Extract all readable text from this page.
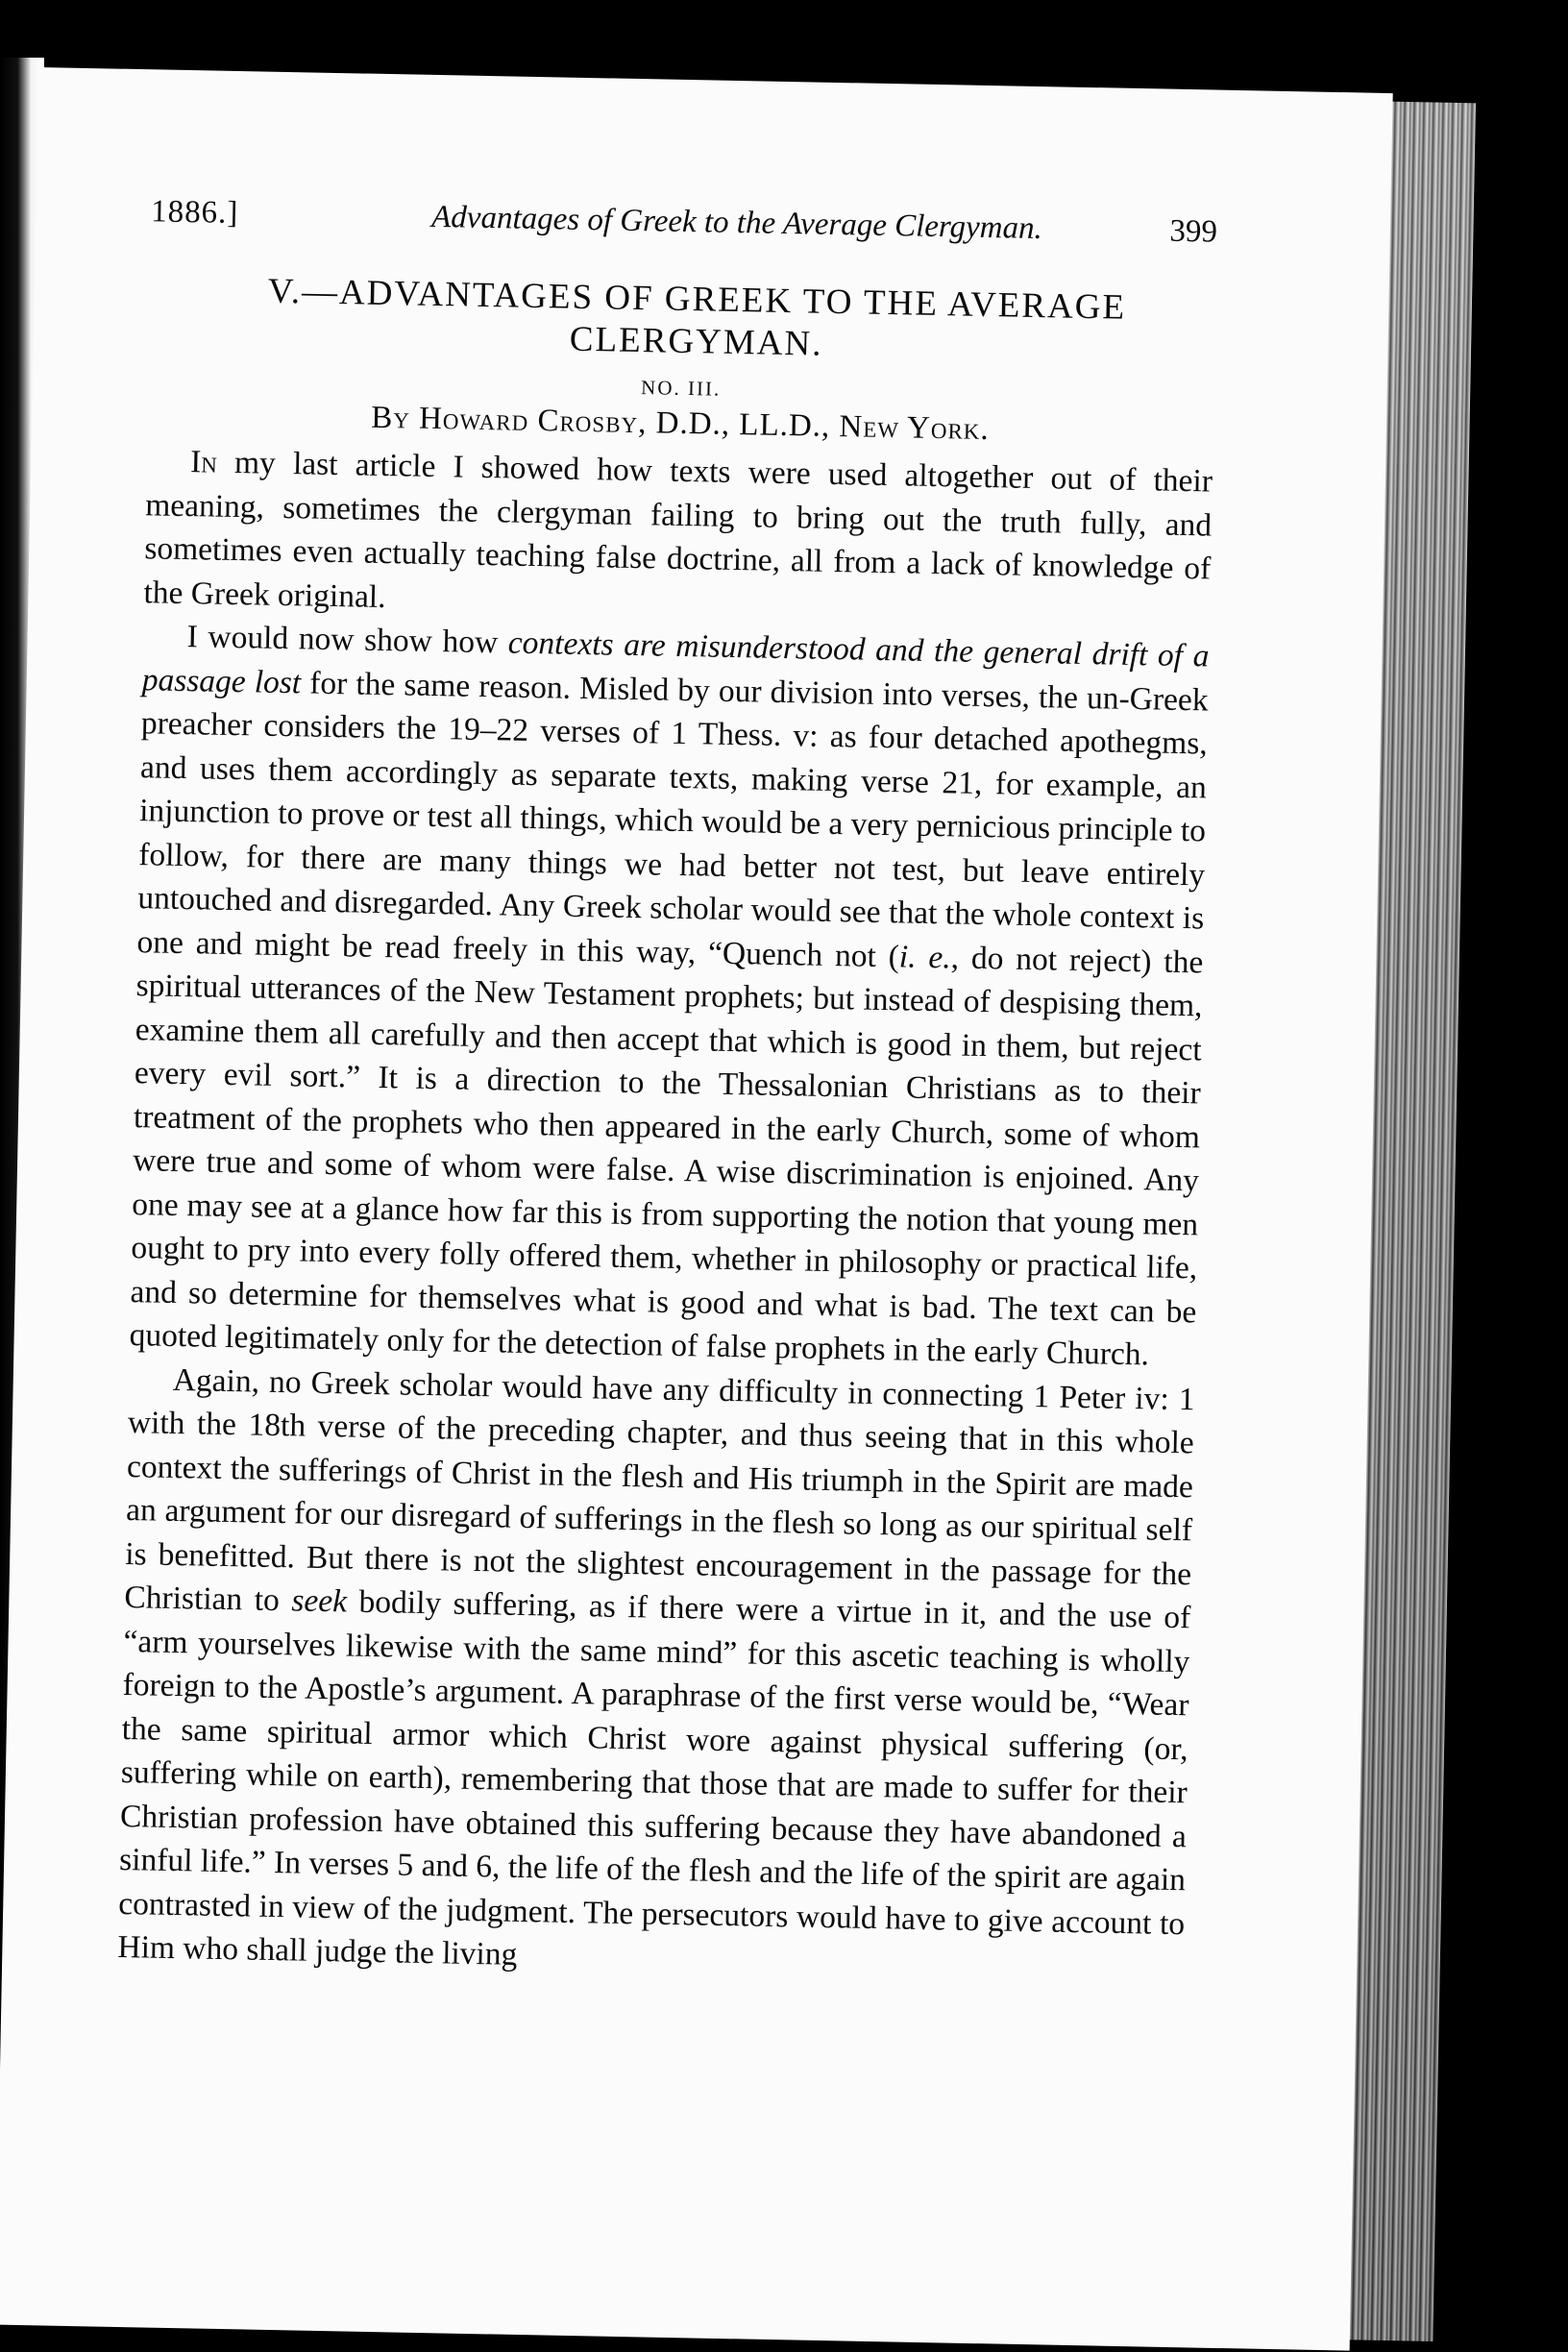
1886.]	Advantages of Greek to the Average Clergyman.	399
V.—ADVANTAGES OF GREEK TO THE AVERAGE CLERGYMAN.
NO. III.
By Howard Crosby, D.D., LL.D., New York.

In my last article I showed how texts were used altogether out of their meaning, sometimes the clergyman failing to bring out the truth fully, and sometimes even actually teaching false doctrine, all from a lack of knowledge of the Greek original.

I would now show how contexts are misunderstood and the general drift of a passage lost for the same reason. Misled by our division into verses, the un-Greek preacher considers the 19–22 verses of 1 Thess. v: as four detached apothegms, and uses them accordingly as separate texts, making verse 21, for example, an injunction to prove or test all things, which would be a very pernicious principle to follow, for there are many things we had better not test, but leave entirely untouched and disregarded. Any Greek scholar would see that the whole context is one and might be read freely in this way, “Quench not (i. e., do not reject) the spiritual utterances of the New Testament prophets; but instead of despising them, examine them all carefully and then accept that which is good in them, but reject every evil sort.” It is a direction to the Thessalonian Christians as to their treatment of the prophets who then appeared in the early Church, some of whom were true and some of whom were false. A wise discrimination is enjoined. Any one may see at a glance how far this is from supporting the notion that young men ought to pry into every folly offered them, whether in philosophy or practical life, and so determine for themselves what is good and what is bad. The text can be quoted legitimately only for the detection of false prophets in the early Church.

Again, no Greek scholar would have any difficulty in connecting 1 Peter iv: 1 with the 18th verse of the preceding chapter, and thus seeing that in this whole context the sufferings of Christ in the flesh and His triumph in the Spirit are made an argument for our disregard of sufferings in the flesh so long as our spiritual self is benefitted. But there is not the slightest encouragement in the passage for the Christian to seek bodily suffering, as if there were a virtue in it, and the use of “arm yourselves likewise with the same mind” for this ascetic teaching is wholly foreign to the Apostle’s argument. A paraphrase of the first verse would be, “Wear the same spiritual armor which Christ wore against physical suffering (or, suffering while on earth), remembering that those that are made to suffer for their Christian profession have obtained this suffering because they have abandoned a sinful life.” In verses 5 and 6, the life of the flesh and the life of the spirit are again contrasted in view of the judgment. The persecutors would have to give account to Him who shall judge the living
